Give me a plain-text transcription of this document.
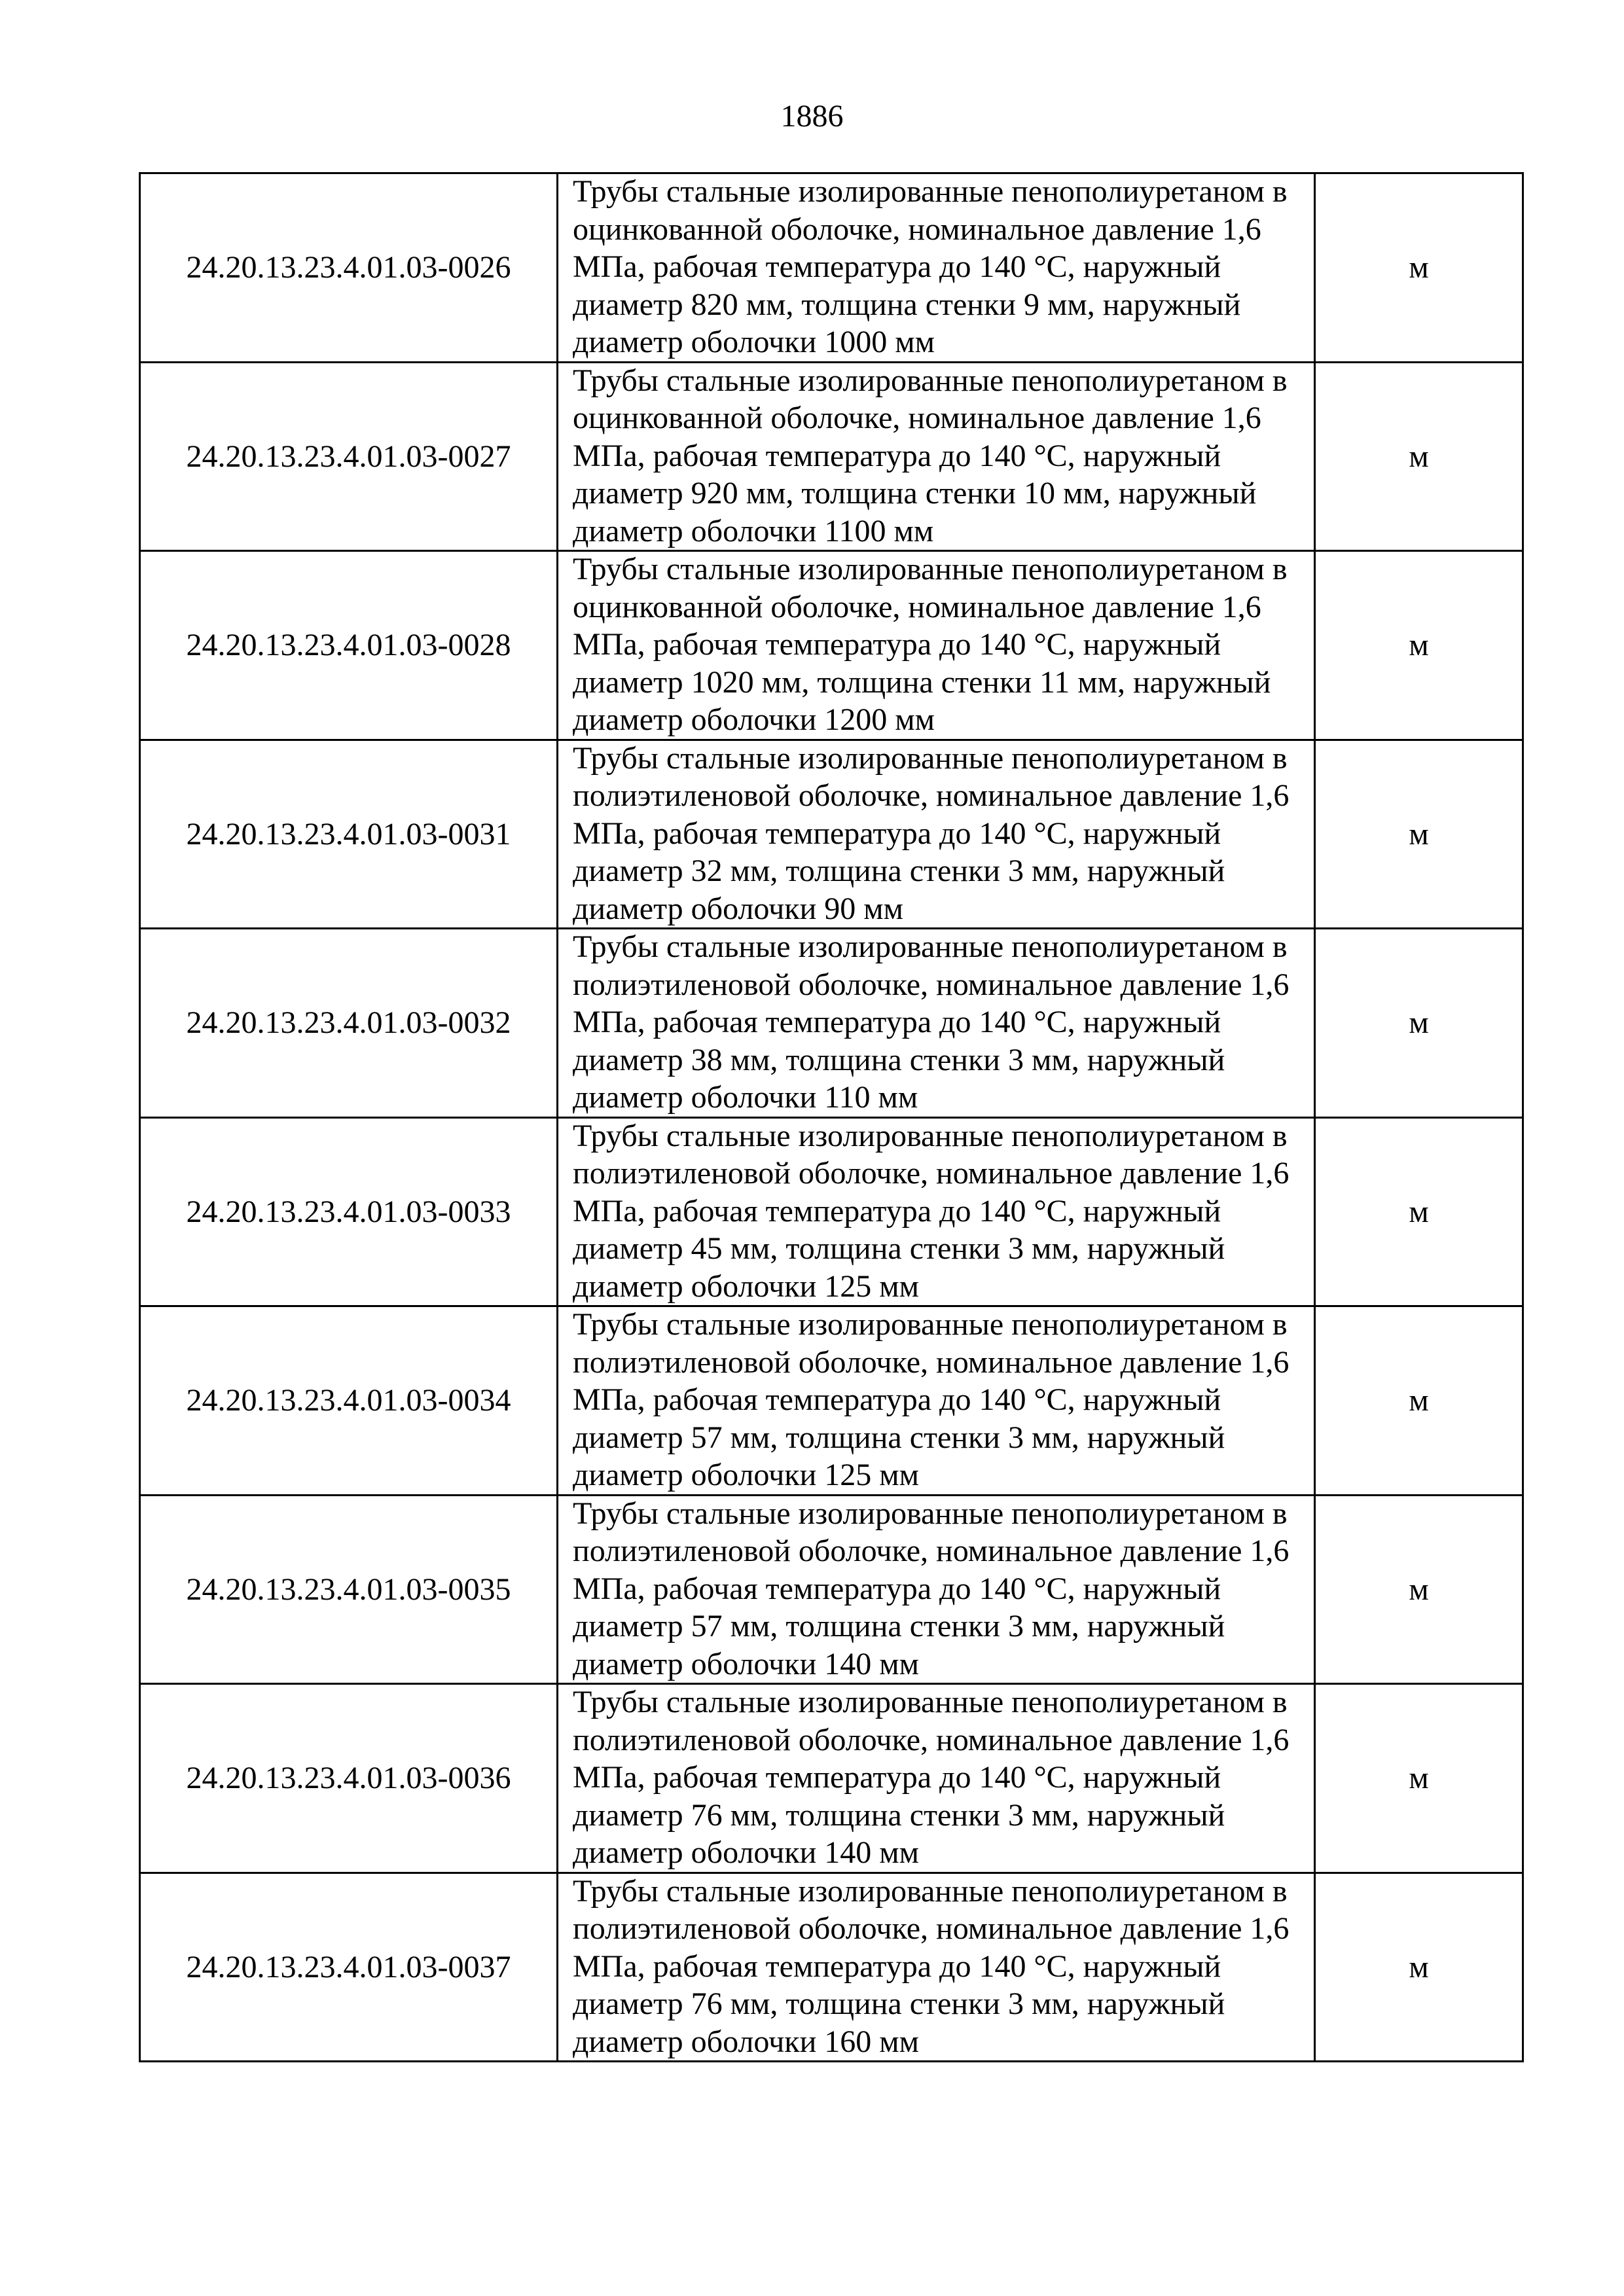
1886
24.20.13.23.4.01.03-0026	Трубы стальные изолированные пенополиуретаном в оцинкованной оболочке, номинальное давление 1,6 МПа, рабочая температура до 140 °С, наружный диаметр 820 мм, толщина стенки 9 мм, наружный диаметр оболочки 1000 мм	м
24.20.13.23.4.01.03-0027	Трубы стальные изолированные пенополиуретаном в оцинкованной оболочке, номинальное давление 1,6 МПа, рабочая температура до 140 °С, наружный диаметр 920 мм, толщина стенки 10 мм, наружный диаметр оболочки 1100 мм	м
24.20.13.23.4.01.03-0028	Трубы стальные изолированные пенополиуретаном в оцинкованной оболочке, номинальное давление 1,6 МПа, рабочая температура до 140 °С, наружный диаметр 1020 мм, толщина стенки 11 мм, наружный диаметр оболочки 1200 мм	м
24.20.13.23.4.01.03-0031	Трубы стальные изолированные пенополиуретаном в полиэтиленовой оболочке, номинальное давление 1,6 МПа, рабочая температура до 140 °С, наружный диаметр 32 мм, толщина стенки 3 мм, наружный диаметр оболочки 90 мм	м
24.20.13.23.4.01.03-0032	Трубы стальные изолированные пенополиуретаном в полиэтиленовой оболочке, номинальное давление 1,6 МПа, рабочая температура до 140 °С, наружный диаметр 38 мм, толщина стенки 3 мм, наружный диаметр оболочки 110 мм	м
24.20.13.23.4.01.03-0033	Трубы стальные изолированные пенополиуретаном в полиэтиленовой оболочке, номинальное давление 1,6 МПа, рабочая температура до 140 °С, наружный диаметр 45 мм, толщина стенки 3 мм, наружный диаметр оболочки 125 мм	м
24.20.13.23.4.01.03-0034	Трубы стальные изолированные пенополиуретаном в полиэтиленовой оболочке, номинальное давление 1,6 МПа, рабочая температура до 140 °С, наружный диаметр 57 мм, толщина стенки 3 мм, наружный диаметр оболочки 125 мм	м
24.20.13.23.4.01.03-0035	Трубы стальные изолированные пенополиуретаном в полиэтиленовой оболочке, номинальное давление 1,6 МПа, рабочая температура до 140 °С, наружный диаметр 57 мм, толщина стенки 3 мм, наружный диаметр оболочки 140 мм	м
24.20.13.23.4.01.03-0036	Трубы стальные изолированные пенополиуретаном в полиэтиленовой оболочке, номинальное давление 1,6 МПа, рабочая температура до 140 °С, наружный диаметр 76 мм, толщина стенки 3 мм, наружный диаметр оболочки 140 мм	м
24.20.13.23.4.01.03-0037	Трубы стальные изолированные пенополиуретаном в полиэтиленовой оболочке, номинальное давление 1,6 МПа, рабочая температура до 140 °С, наружный диаметр 76 мм, толщина стенки 3 мм, наружный диаметр оболочки 160 мм	м
